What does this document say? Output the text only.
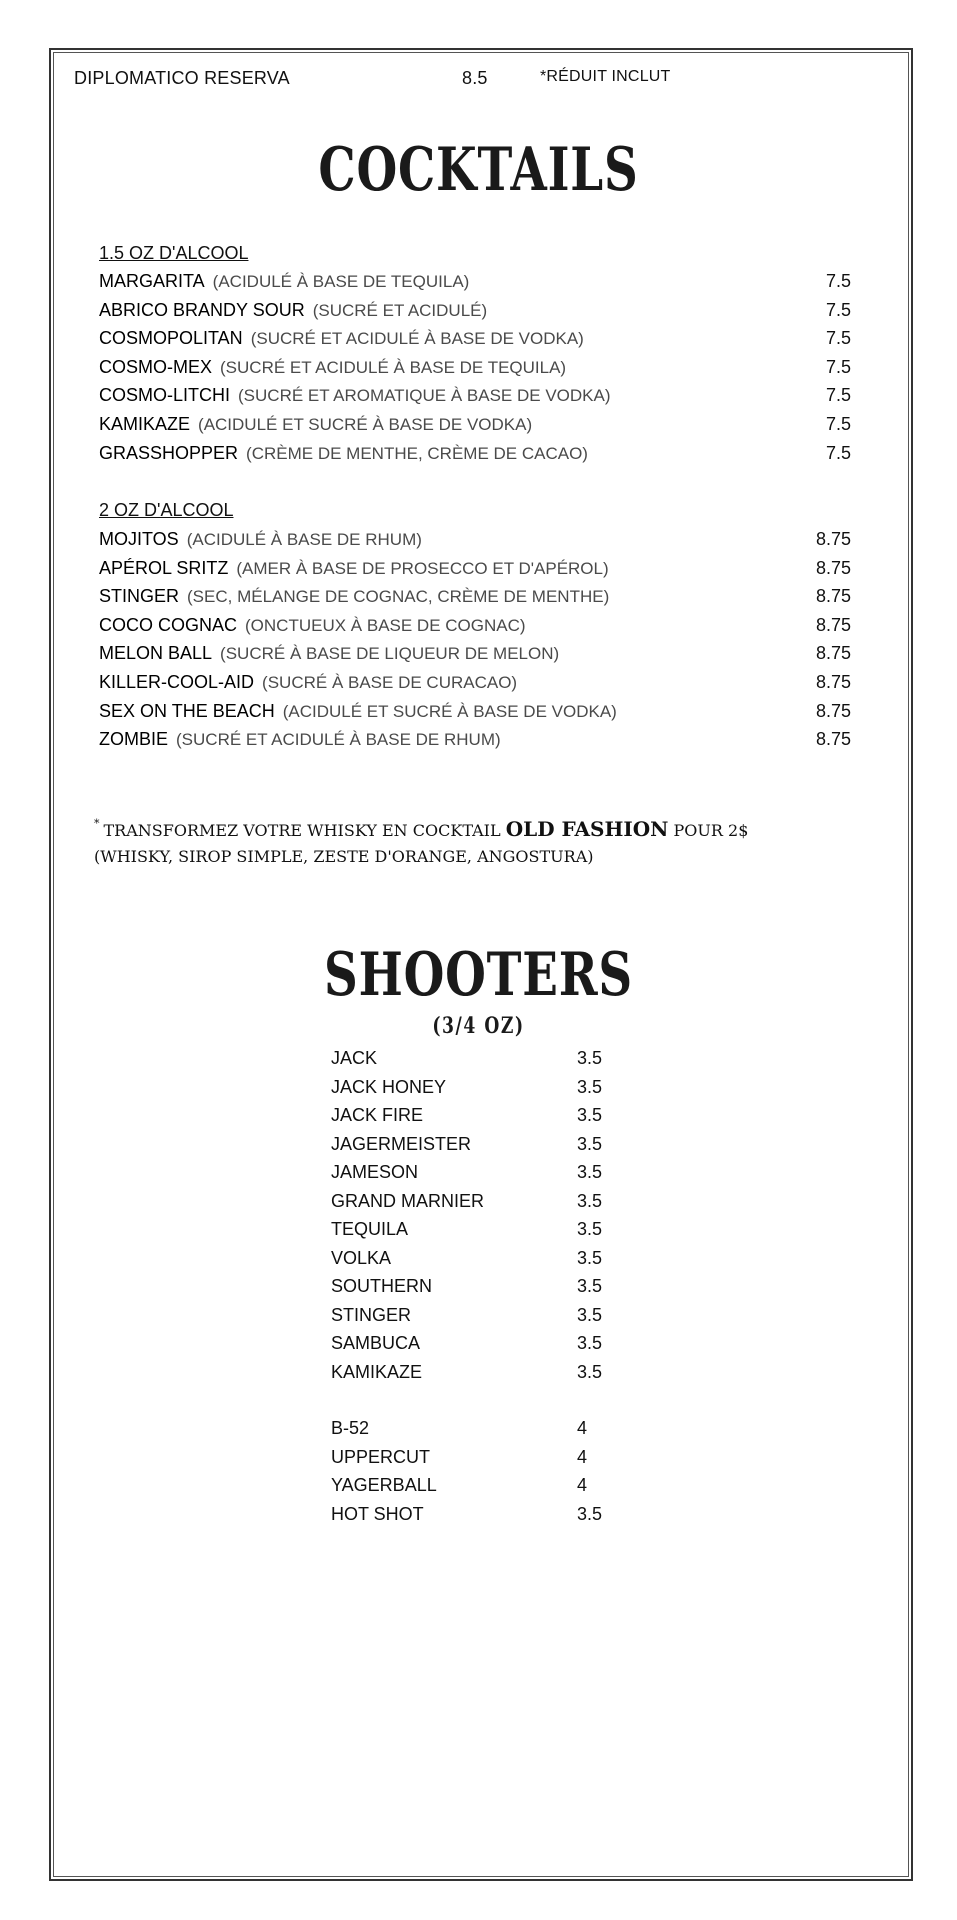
DIPLOMATICO RESERVA	8.5	*RÉDUIT INCLUT
COCKTAILS
1.5 OZ D'ALCOOL
MARGARITA (ACIDULÉ À BASE DE TEQUILA)	7.5
ABRICO BRANDY SOUR (SUCRÉ ET ACIDULÉ)	7.5
COSMOPOLITAN (SUCRÉ ET ACIDULÉ À BASE DE VODKA)	7.5
COSMO-MEX (SUCRÉ ET ACIDULÉ À BASE DE TEQUILA)	7.5
COSMO-LITCHI (SUCRÉ ET AROMATIQUE À BASE DE VODKA)	7.5
KAMIKAZE (ACIDULÉ ET SUCRÉ À BASE DE VODKA)	7.5
GRASSHOPPER (CRÈME DE MENTHE, CRÈME DE CACAO)	7.5
2 OZ D'ALCOOL
MOJITOS (ACIDULÉ À BASE DE RHUM)	8.75
APÉROL SRITZ (AMER À BASE DE PROSECCO ET D'APÉROL)	8.75
STINGER (SEC, MÉLANGE DE COGNAC, CRÈME DE MENTHE)	8.75
COCO COGNAC (ONCTUEUX À BASE DE COGNAC)	8.75
MELON BALL (SUCRÉ À BASE DE LIQUEUR DE MELON)	8.75
KILLER-COOL-AID (SUCRÉ À BASE DE CURACAO)	8.75
SEX ON THE BEACH (ACIDULÉ ET SUCRÉ À BASE DE VODKA)	8.75
ZOMBIE (SUCRÉ ET ACIDULÉ À BASE DE RHUM)	8.75
* TRANSFORMEZ VOTRE WHISKY EN COCKTAIL OLD FASHION POUR 2$
(WHISKY, SIROP SIMPLE, ZESTE D'ORANGE, ANGOSTURA)
SHOOTERS
(3/4 OZ)
JACK	3.5
JACK HONEY	3.5
JACK FIRE	3.5
JAGERMEISTER	3.5
JAMESON	3.5
GRAND MARNIER	3.5
TEQUILA	3.5
VOLKA	3.5
SOUTHERN	3.5
STINGER	3.5
SAMBUCA	3.5
KAMIKAZE	3.5
B-52	4
UPPERCUT	4
YAGERBALL	4
HOT SHOT	3.5
